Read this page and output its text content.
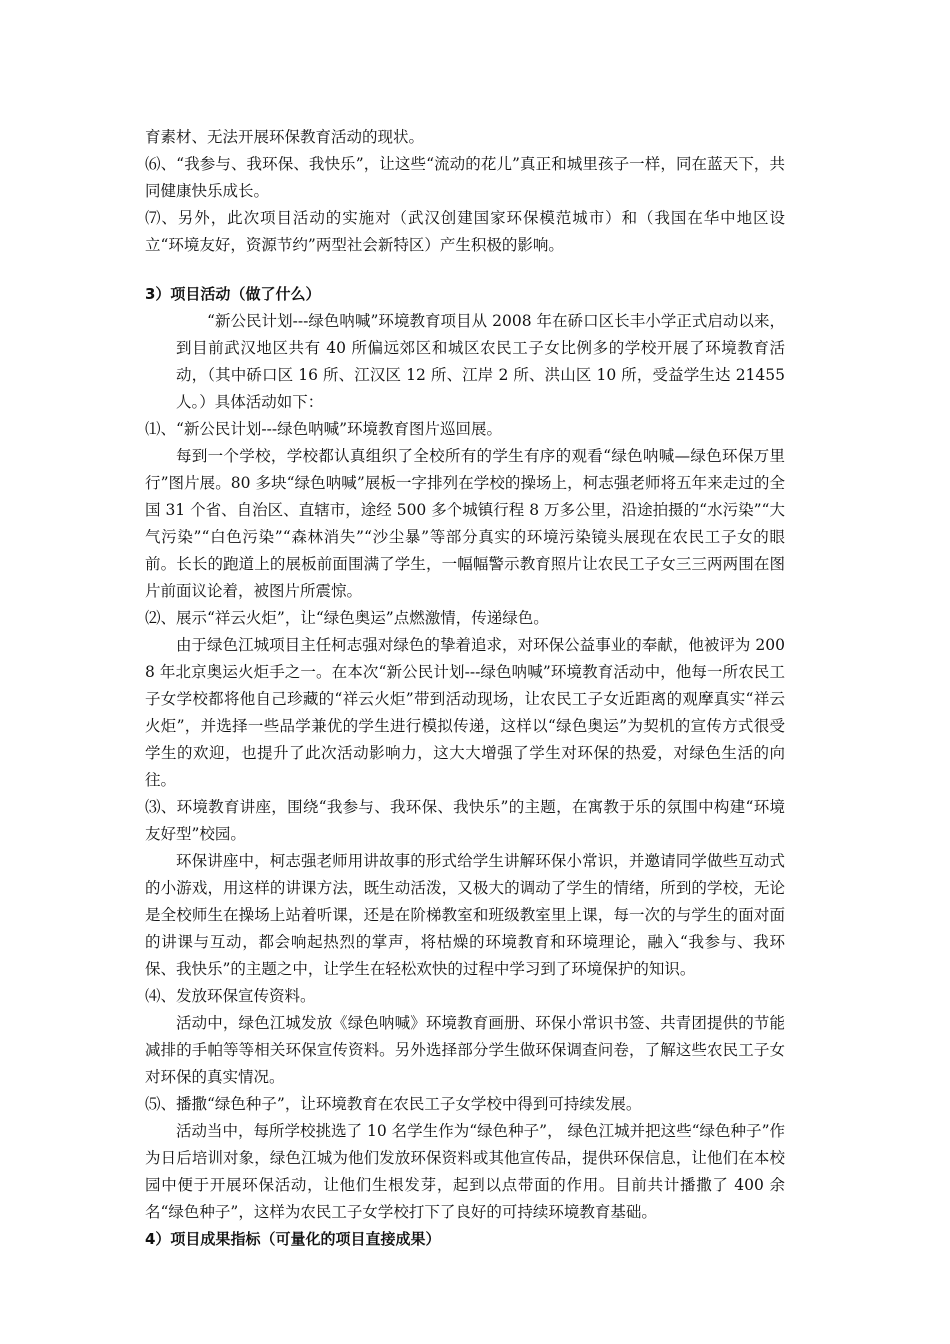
育素材、无法开展环保教育活动的现状。

⑹、“我参与、我环保、我快乐”，让这些“流动的花儿”真正和城里孩子一样，同在蓝天下，共同健康快乐成长。

⑺、另外，此次项目活动的实施对（武汉创建国家环保模范城市）和（我国在华中地区设立“环境友好，资源节约”两型社会新特区）产生积极的影响。

3）项目活动（做了什么）

“新公民计划---绿色呐喊”环境教育项目从 2008 年在硚口区长丰小学正式启动以来，到目前武汉地区共有 40 所偏远郊区和城区农民工子女比例多的学校开展了环境教育活动，（其中硚口区 16 所、江汉区 12 所、江岸 2 所、洪山区 10 所，受益学生达 21455 人。）具体活动如下：

⑴、“新公民计划---绿色呐喊”环境教育图片巡回展。

每到一个学校，学校都认真组织了全校所有的学生有序的观看“绿色呐喊—绿色环保万里行”图片展。80 多块“绿色呐喊”展板一字排列在学校的操场上，柯志强老师将五年来走过的全国 31 个省、自治区、直辖市，途经 500 多个城镇行程 8 万多公里，沿途拍摄的“水污染”“大气污染”“白色污染”“森林消失”“沙尘暴”等部分真实的环境污染镜头展现在农民工子女的眼前。长长的跑道上的展板前面围满了学生，一幅幅警示教育照片让农民工子女三三两两围在图片前面议论着，被图片所震惊。

⑵、展示“祥云火炬”，让“绿色奥运”点燃激情，传递绿色。

由于绿色江城项目主任柯志强对绿色的挚着追求，对环保公益事业的奉献，他被评为 2008 年北京奥运火炬手之一。在本次“新公民计划---绿色呐喊”环境教育活动中，他每一所农民工子女学校都将他自己珍藏的“祥云火炬”带到活动现场，让农民工子女近距离的观摩真实“祥云火炬”，并选择一些品学兼优的学生进行模拟传递，这样以“绿色奥运”为契机的宣传方式很受学生的欢迎，也提升了此次活动影响力，这大大增强了学生对环保的热爱，对绿色生活的向往。

⑶、环境教育讲座，围绕“我参与、我环保、我快乐”的主题，在寓教于乐的氛围中构建“环境友好型”校园。

环保讲座中，柯志强老师用讲故事的形式给学生讲解环保小常识，并邀请同学做些互动式的小游戏，用这样的讲课方法，既生动活泼，又极大的调动了学生的情绪，所到的学校，无论是全校师生在操场上站着听课，还是在阶梯教室和班级教室里上课，每一次的与学生的面对面的讲课与互动，都会响起热烈的掌声，将枯燥的环境教育和环境理论，融入“我参与、我环保、我快乐”的主题之中，让学生在轻松欢快的过程中学习到了环境保护的知识。

⑷、发放环保宣传资料。

活动中，绿色江城发放《绿色呐喊》环境教育画册、环保小常识书签、共青团提供的节能减排的手帕等等相关环保宣传资料。另外选择部分学生做环保调查问卷，了解这些农民工子女对环保的真实情况。

⑸、播撒“绿色种子”，让环境教育在农民工子女学校中得到可持续发展。

活动当中，每所学校挑选了 10 名学生作为“绿色种子”， 绿色江城并把这些“绿色种子”作为日后培训对象，绿色江城为他们发放环保资料或其他宣传品，提供环保信息，让他们在本校园中便于开展环保活动，让他们生根发芽，起到以点带面的作用。目前共计播撒了 400 余名“绿色种子”，这样为农民工子女学校打下了良好的可持续环境教育基础。

4）项目成果指标（可量化的项目直接成果）
